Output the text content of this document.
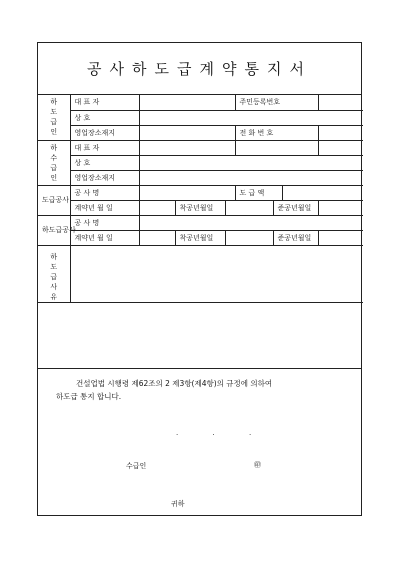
공사하도급계약통지서
하도급인	대 표 자				주민등록번호			
	상 호							
	영업장소재지				전 화 번 호			

하수급인	대 표 자							
	상 호							
	영업장소재지							
도급공사	공 사 명				도 급 액			
	계약년 월 일		착공년월일			준공년월일		
하도급공사	공 사 명							
	계약년 월 일		착공년월일			준공년월일		

하도급사유								

건설업법 시행령 제62조의 2 제3항(제4항)의 규정에 의하여
하도급 통지 합니다.
.	.	.
수급인	㊞
귀하
